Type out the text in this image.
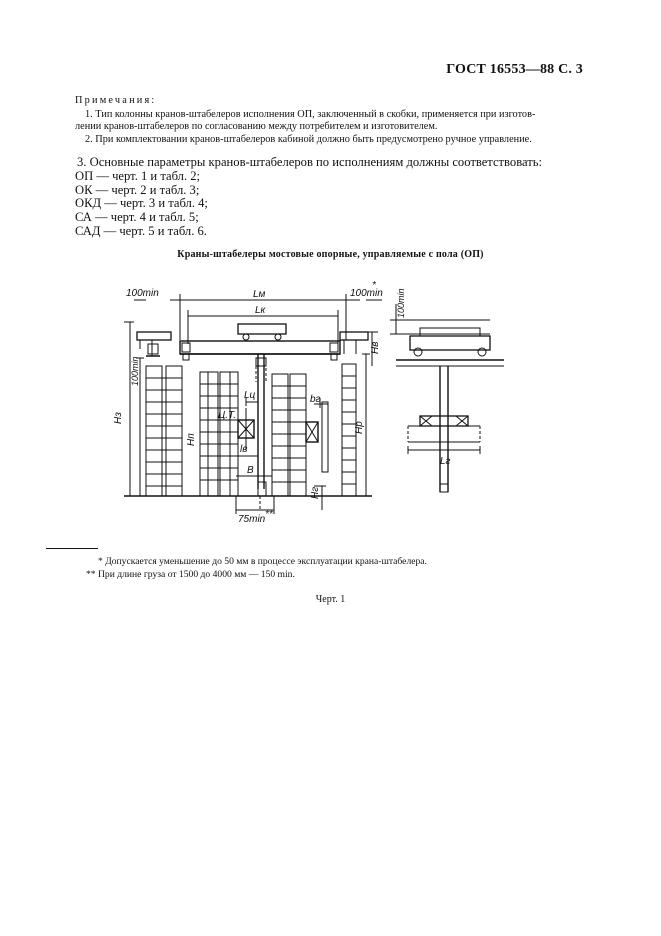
ГОСТ 16553—88 С. 3
Примечания:
1. Тип колонны кранов-штабелеров исполнения ОП, заключенный в скобки, применяется при изготов-
лении кранов-штабелеров по согласованию между потребителем и изготовителем.
2. При комплектовании кранов-штабелеров кабиной должно быть предусмотрено ручное управление.
3. Основные параметры кранов-штабелеров по исполнениям должны соответствовать:
ОП — черт. 1 и табл. 2;
ОК — черт. 2 и табл. 3;
ОКД — черт. 3 и табл. 4;
СА — черт. 4 и табл. 5;
САД — черт. 5 и табл. 6.
Краны-штабелеры мостовые опорные, управляемые с пола (ОП)
100min	Lм	100min
*
Lк
Hз
100min
Hп
Hр
Hв
Hг
Ц.Т.
Lц	bг
lв
B
75min **
Lг
100min
* Допускается уменьшение до 50 мм в процессе эксплуатации крана-штабелера.
** При длине груза от 1500 до 4000 мм — 150 min.
Черт. 1
